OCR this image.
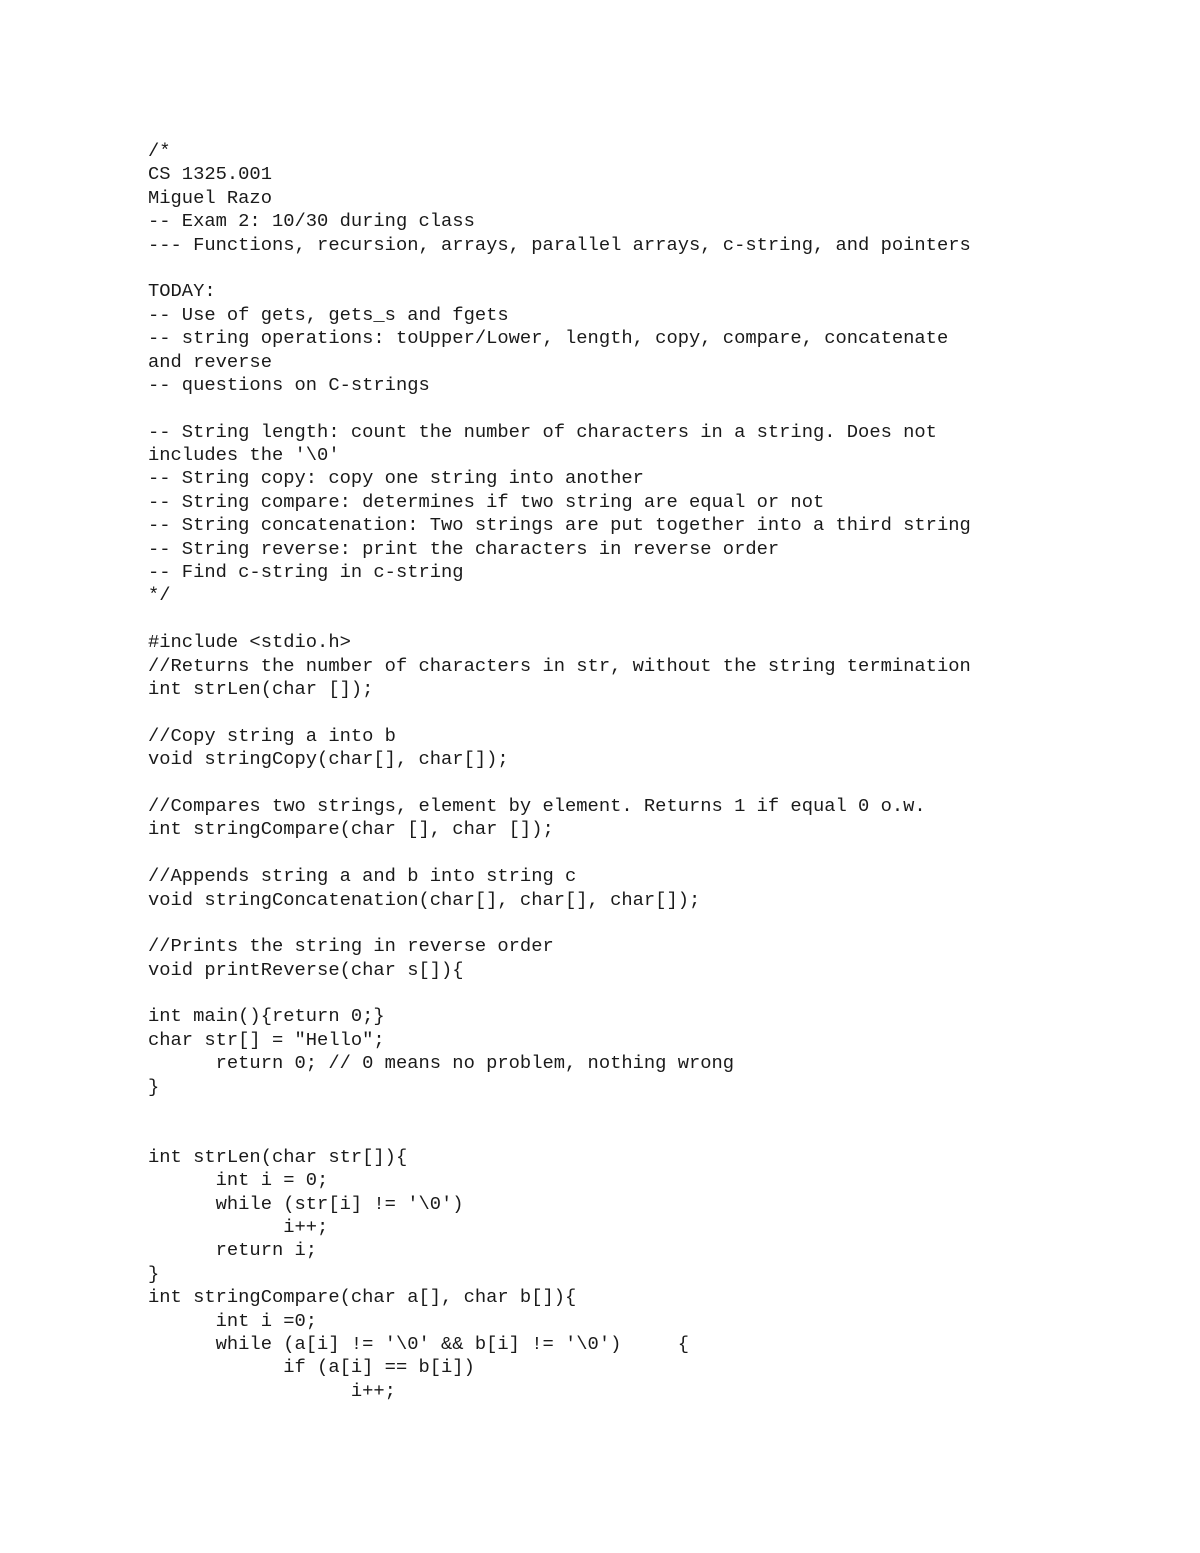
/*
CS 1325.001
Miguel Razo
-- Exam 2: 10/30 during class
--- Functions, recursion, arrays, parallel arrays, c-string, and pointers

TODAY:
-- Use of gets, gets_s and fgets
-- string operations: toUpper/Lower, length, copy, compare, concatenate
and reverse
-- questions on C-strings

-- String length: count the number of characters in a string. Does not
includes the '\0'
-- String copy: copy one string into another
-- String compare: determines if two string are equal or not
-- String concatenation: Two strings are put together into a third string
-- String reverse: print the characters in reverse order
-- Find c-string in c-string
*/

#include <stdio.h>
//Returns the number of characters in str, without the string termination
int strLen(char []);

//Copy string a into b
void stringCopy(char[], char[]);

//Compares two strings, element by element. Returns 1 if equal 0 o.w.
int stringCompare(char [], char []);

//Appends string a and b into string c
void stringConcatenation(char[], char[], char[]);

//Prints the string in reverse order
void printReverse(char s[]){

int main(){return 0;}
char str[] = "Hello";
return 0; // 0 means no problem, nothing wrong
}

int strLen(char str[]){
int i = 0;
while (str[i] != '\0')
i++;
return i;
}
int stringCompare(char a[], char b[]){
int i =0;
while (a[i] != '\0' && b[i] != '\0')     {
if (a[i] == b[i])
i++;
